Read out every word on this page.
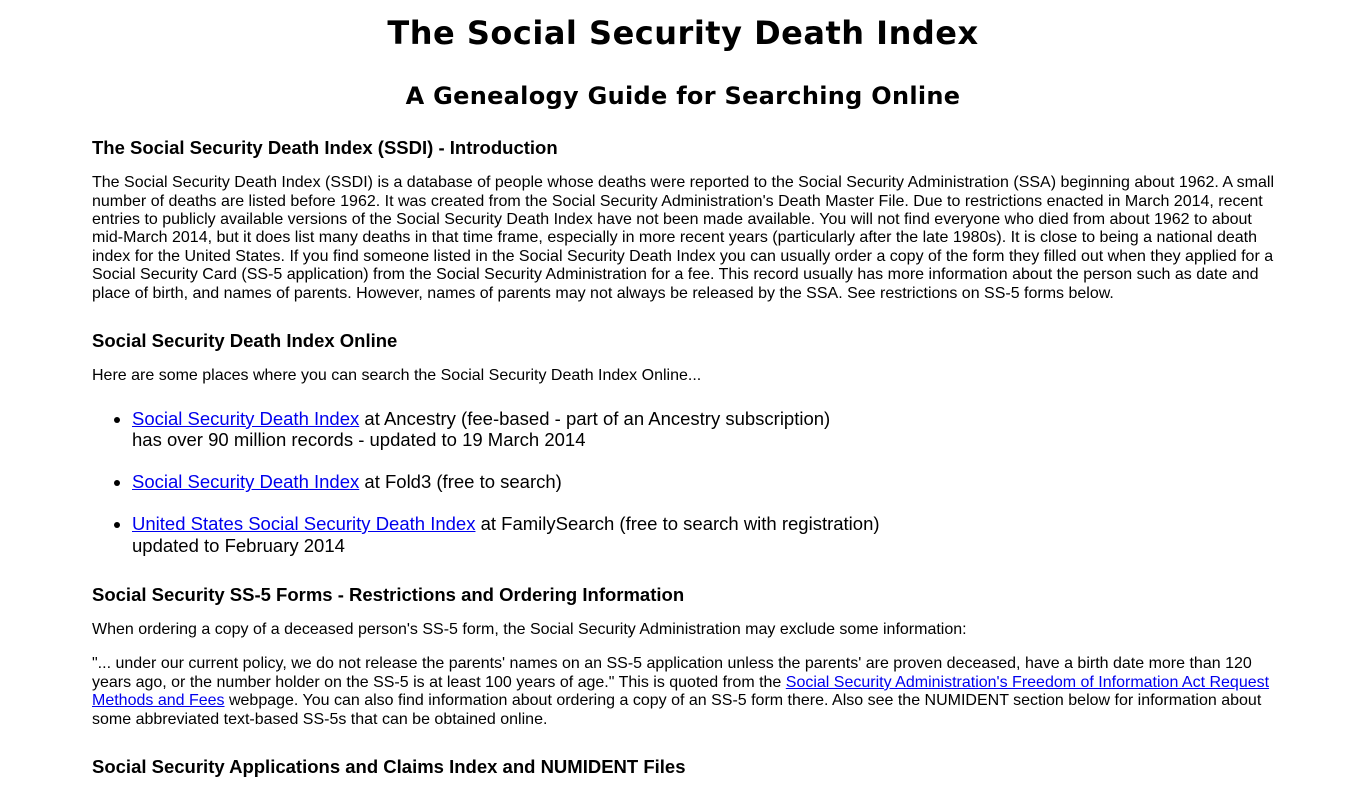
The Social Security Death Index
A Genealogy Guide for Searching Online
The Social Security Death Index (SSDI) - Introduction

The Social Security Death Index (SSDI) is a database of people whose deaths were reported to the Social Security Administration (SSA) beginning about 1962. A small number of deaths are listed before 1962. It was created from the Social Security Administration's Death Master File. Due to restrictions enacted in March 2014, recent entries to publicly available versions of the Social Security Death Index have not been made available. You will not find everyone who died from about 1962 to about mid-March 2014, but it does list many deaths in that time frame, especially in more recent years (particularly after the late 1980s). It is close to being a national death index for the United States. If you find someone listed in the Social Security Death Index you can usually order a copy of the form they filled out when they applied for a Social Security Card (SS-5 application) from the Social Security Administration for a fee. This record usually has more information about the person such as date and place of birth, and names of parents. However, names of parents may not always be released by the SSA. See restrictions on SS-5 forms below.

Social Security Death Index Online

Here are some places where you can search the Social Security Death Index Online...

• Social Security Death Index at Ancestry (fee-based - part of an Ancestry subscription)
has over 90 million records - updated to 19 March 2014
• Social Security Death Index at Fold3 (free to search)
• United States Social Security Death Index at FamilySearch (free to search with registration)
updated to February 2014
Social Security SS-5 Forms - Restrictions and Ordering Information

When ordering a copy of a deceased person's SS-5 form, the Social Security Administration may exclude some information:

"... under our current policy, we do not release the parents' names on an SS-5 application unless the parents' are proven deceased, have a birth date more than 120 years ago, or the number holder on the SS-5 is at least 100 years of age." This is quoted from the Social Security Administration's Freedom of Information Act Request Methods and Fees webpage. You can also find information about ordering a copy of an SS-5 form there. Also see the NUMIDENT section below for information about some abbreviated text-based SS-5s that can be obtained online.

Social Security Applications and Claims Index and NUMIDENT Files
